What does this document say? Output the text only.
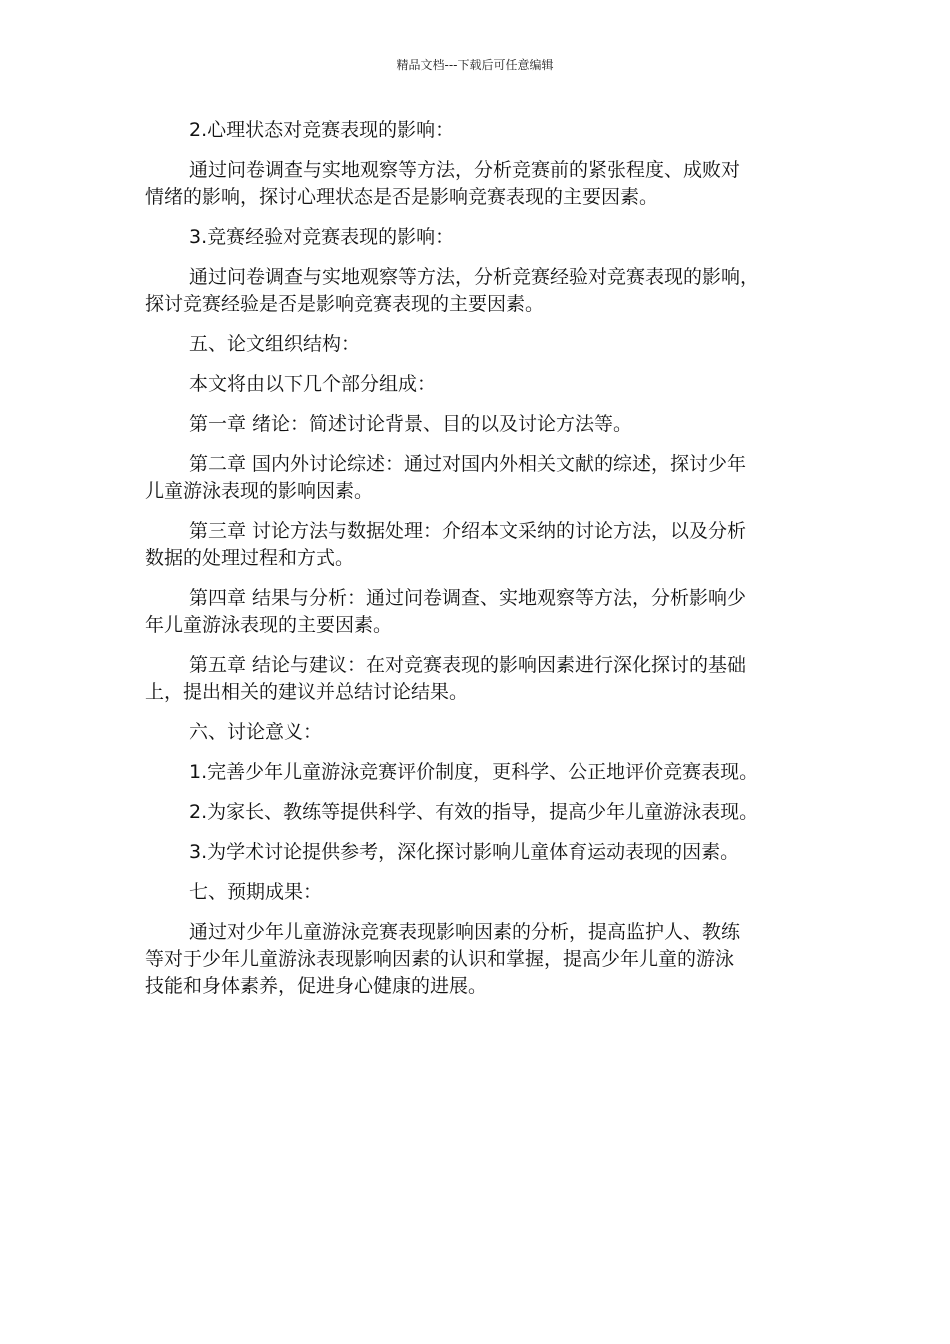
精品文档---下载后可任意编辑

2.心理状态对竞赛表现的影响：

通过问卷调查与实地观察等方法，分析竞赛前的紧张程度、成败对
情绪的影响，探讨心理状态是否是影响竞赛表现的主要因素。

3.竞赛经验对竞赛表现的影响：

通过问卷调查与实地观察等方法，分析竞赛经验对竞赛表现的影响，
探讨竞赛经验是否是影响竞赛表现的主要因素。

五、论文组织结构：

本文将由以下几个部分组成：

第一章 绪论：简述讨论背景、目的以及讨论方法等。

第二章 国内外讨论综述：通过对国内外相关文献的综述，探讨少年
儿童游泳表现的影响因素。

第三章 讨论方法与数据处理：介绍本文采纳的讨论方法，以及分析
数据的处理过程和方式。

第四章 结果与分析：通过问卷调查、实地观察等方法，分析影响少
年儿童游泳表现的主要因素。

第五章 结论与建议：在对竞赛表现的影响因素进行深化探讨的基础
上，提出相关的建议并总结讨论结果。

六、讨论意义：

1.完善少年儿童游泳竞赛评价制度，更科学、公正地评价竞赛表现。

2.为家长、教练等提供科学、有效的指导，提高少年儿童游泳表现。

3.为学术讨论提供参考，深化探讨影响儿童体育运动表现的因素。

七、预期成果：

通过对少年儿童游泳竞赛表现影响因素的分析，提高监护人、教练
等对于少年儿童游泳表现影响因素的认识和掌握，提高少年儿童的游泳
技能和身体素养，促进身心健康的进展。
